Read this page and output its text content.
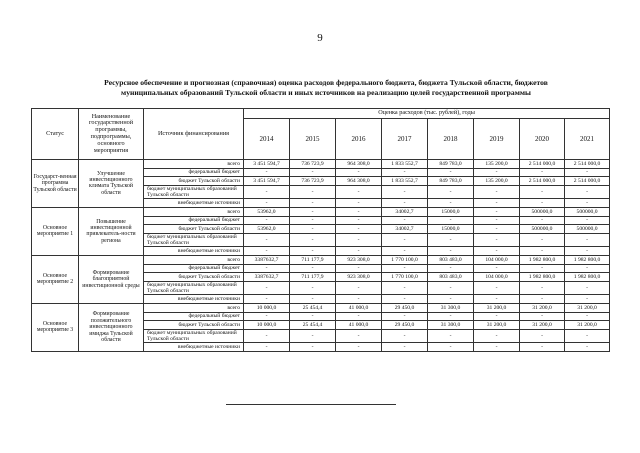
9
Ресурсное обеспечение и прогнозная (справочная) оценка расходов федерального бюджета, бюджета Тульской области, бюджетов
муниципальных образований Тульской области и иных источников на реализацию целей государственной программы
Статус	Наименование государственной программы, подпрограммы, основного мероприятия	Источник финансирования	Оценка расходов (тыс. рублей), годы							
			2014	2015	2016	2017	2018	2019	2020	2021
Государст-венная программа Тульской области	Улучшение инвестиционного климата Тульской области	всего	3 451 594,7	736 723,9	964 308,0	1 833 552,7	849 783,0	135 200,0	2 514 000,0	2 514 000,0
		федеральный бюджет	-	-	-	-	-	-	-	-
		бюджет Тульской области	3 451 594,7	736 723,9	964 308,0	1 833 552,7	849 783,0	135 200,0	2 514 000,0	2 514 000,0
		бюджет муниципальных образований Тульской области	-	-	-	-	-	-	-	-
		внебюджетные источники	-	-	-	-	-	-	-	-
Основное мероприятие 1	Повышение инвестиционной привлекатель-ности региона	всего	53962,0	-	-	34002,7	15000,0	-	500000,0	500000,0
		федеральный бюджет	-	-	-	-	-	-	-	-
		бюджет Тульской области	53962,0	-	-	34002,7	15000,0	-	500000,0	500000,0
		бюджет муниципальных образований Тульской области	-	-	-	-	-	-	-	-
		внебюджетные источники	-	-	-	-	-	-	-	-
Основное мероприятие 2	Формирование благоприятной инвестиционной среды	всего	3387632,7	711 177,9	923 308,0	1 770 100,0	803 483,0	104 000,0	1 982 800,0	1 982 800,0
		федеральный бюджет	-	-	-	-	-	-	-	-
		бюджет Тульской области	3387632,7	711 177,9	923 308,0	1 770 100,0	803 483,0	104 000,0	1 982 800,0	1 982 800,0
		бюджет муниципальных образований Тульской области	-	-	-	-	-	-	-	-
		внебюджетные источники	-	-	-	-	-	-	-	-
Основное мероприятие 3	Формирование положительного инвестиционного имиджа Тульской области	всего	10 000,0	25 454,4	41 000,0	29 450,0	31 300,0	31 200,0	31 200,0	31 200,0
		федеральный бюджет	-	-	-	-	-	-	-	-
		бюджет Тульской области	10 000,0	25 454,4	41 000,0	29 450,0	31 300,0	31 200,0	31 200,0	31 200,0
		бюджет муниципальных образований Тульской области	-	-	-	-	-	-	-	-
		внебюджетные источники	-	-	-	-	-	-	-	-
